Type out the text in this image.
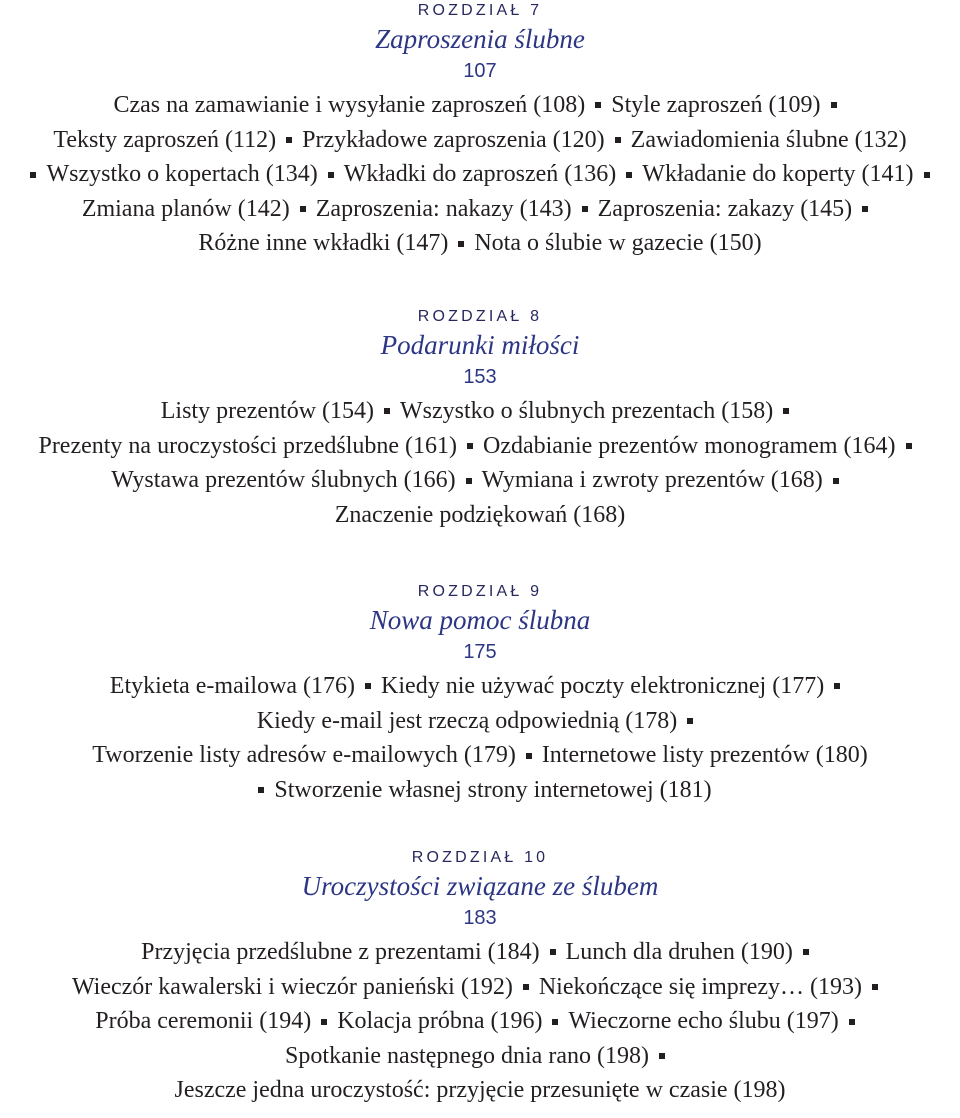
ROZDZIAŁ 7
Zaproszenia ślubne
107
Czas na zamawianie i wysyłanie zaproszeń (108) Style zaproszeń (109)
Teksty zaproszeń (112) Przykładowe zaproszenia (120) Zawiadomienia ślubne (132)
Wszystko o kopertach (134) Wkładki do zaproszeń (136) Wkładanie do koperty (141)
Zmiana planów (142) Zaproszenia: nakazy (143) Zaproszenia: zakazy (145)
Różne inne wkładki (147) Nota o ślubie w gazecie (150)
ROZDZIAŁ 8
Podarunki miłości
153
Listy prezentów (154) Wszystko o ślubnych prezentach (158)
Prezenty na uroczystości przedślubne (161) Ozdabianie prezentów monogramem (164)
Wystawa prezentów ślubnych (166) Wymiana i zwroty prezentów (168)
Znaczenie podziękowań (168)
ROZDZIAŁ 9
Nowa pomoc ślubna
175
Etykieta e-mailowa (176) Kiedy nie używać poczty elektronicznej (177)
Kiedy e-mail jest rzeczą odpowiednią (178)
Tworzenie listy adresów e-mailowych (179) Internetowe listy prezentów (180)
Stworzenie własnej strony internetowej (181)
ROZDZIAŁ 10
Uroczystości związane ze ślubem
183
Przyjęcia przedślubne z prezentami (184) Lunch dla druhen (190)
Wieczór kawalerski i wieczór panieński (192) Niekończące się imprezy… (193)
Próba ceremonii (194) Kolacja próbna (196) Wieczorne echo ślubu (197)
Spotkanie następnego dnia rano (198)
Jeszcze jedna uroczystość: przyjęcie przesunięte w czasie (198)
